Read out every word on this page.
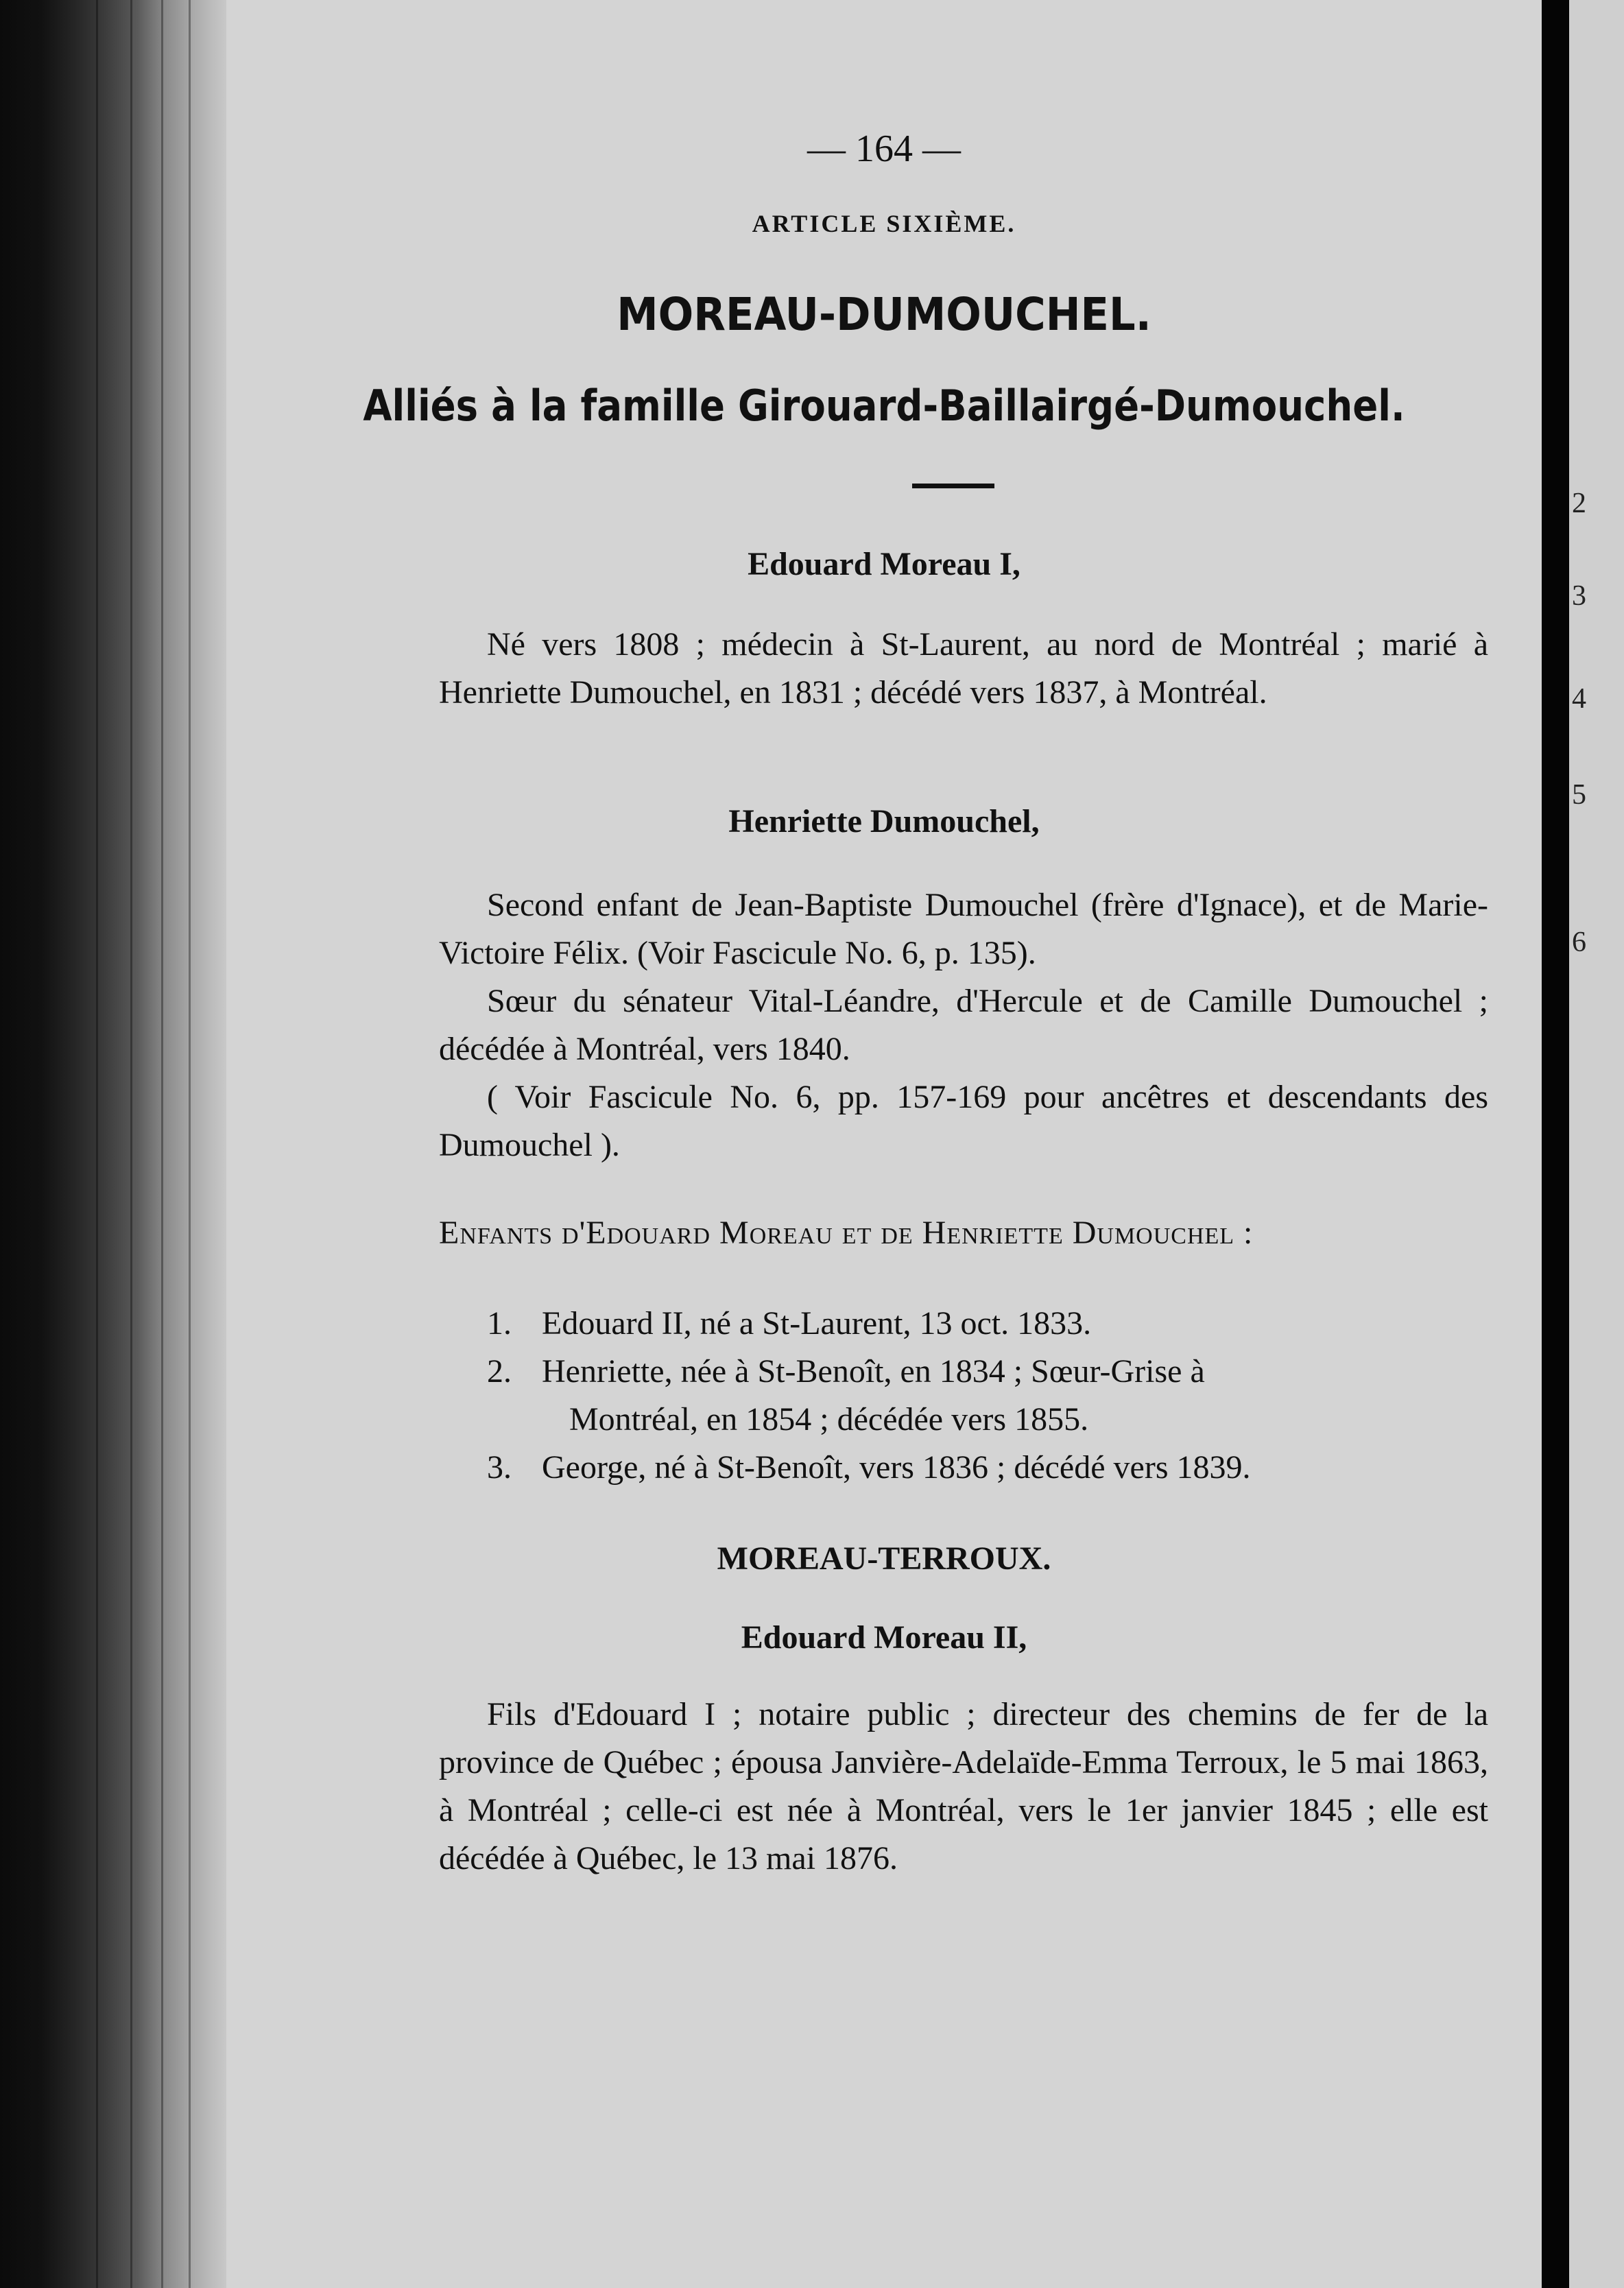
— 164 —
ARTICLE SIXIÈME.
MOREAU-DUMOUCHEL.
Alliés à la famille Girouard-Baillairgé-Dumouchel.
Edouard Moreau I,

Né vers 1808 ; médecin à St-Laurent, au nord de Montréal ; marié à Henriette Dumouchel, en 1831 ; décédé vers 1837, à Montréal.

Henriette Dumouchel,

Second enfant de Jean-Baptiste Dumouchel (frère d'Ignace), et de Marie-Victoire Félix. (Voir Fascicule No. 6, p. 135).

Sœur du sénateur Vital-Léandre, d'Hercule et de Camille Dumouchel ; décédée à Montréal, vers 1840.

( Voir Fascicule No. 6, pp. 157-169 pour ancêtres et descendants des Dumouchel ).

Enfants d'Edouard Moreau et de Henriette Dumouchel :
1. Edouard II, né a St-Laurent, 13 oct. 1833.
2. Henriette, née à St-Benoît, en 1834 ; Sœur-Grise à
Montréal, en 1854 ; décédée vers 1855.
3. George, né à St-Benoît, vers 1836 ; décédé vers 1839.
MOREAU-TERROUX.
Edouard Moreau II,

Fils d'Edouard I ; notaire public ; directeur des chemins de fer de la province de Québec ; épousa Janvière-Adelaïde-Emma Terroux, le 5 mai 1863, à Montréal ; celle-ci est née à Montréal, vers le 1er janvier 1845 ; elle est décédée à Québec, le 13 mai 1876.

2
3
4
5
6
